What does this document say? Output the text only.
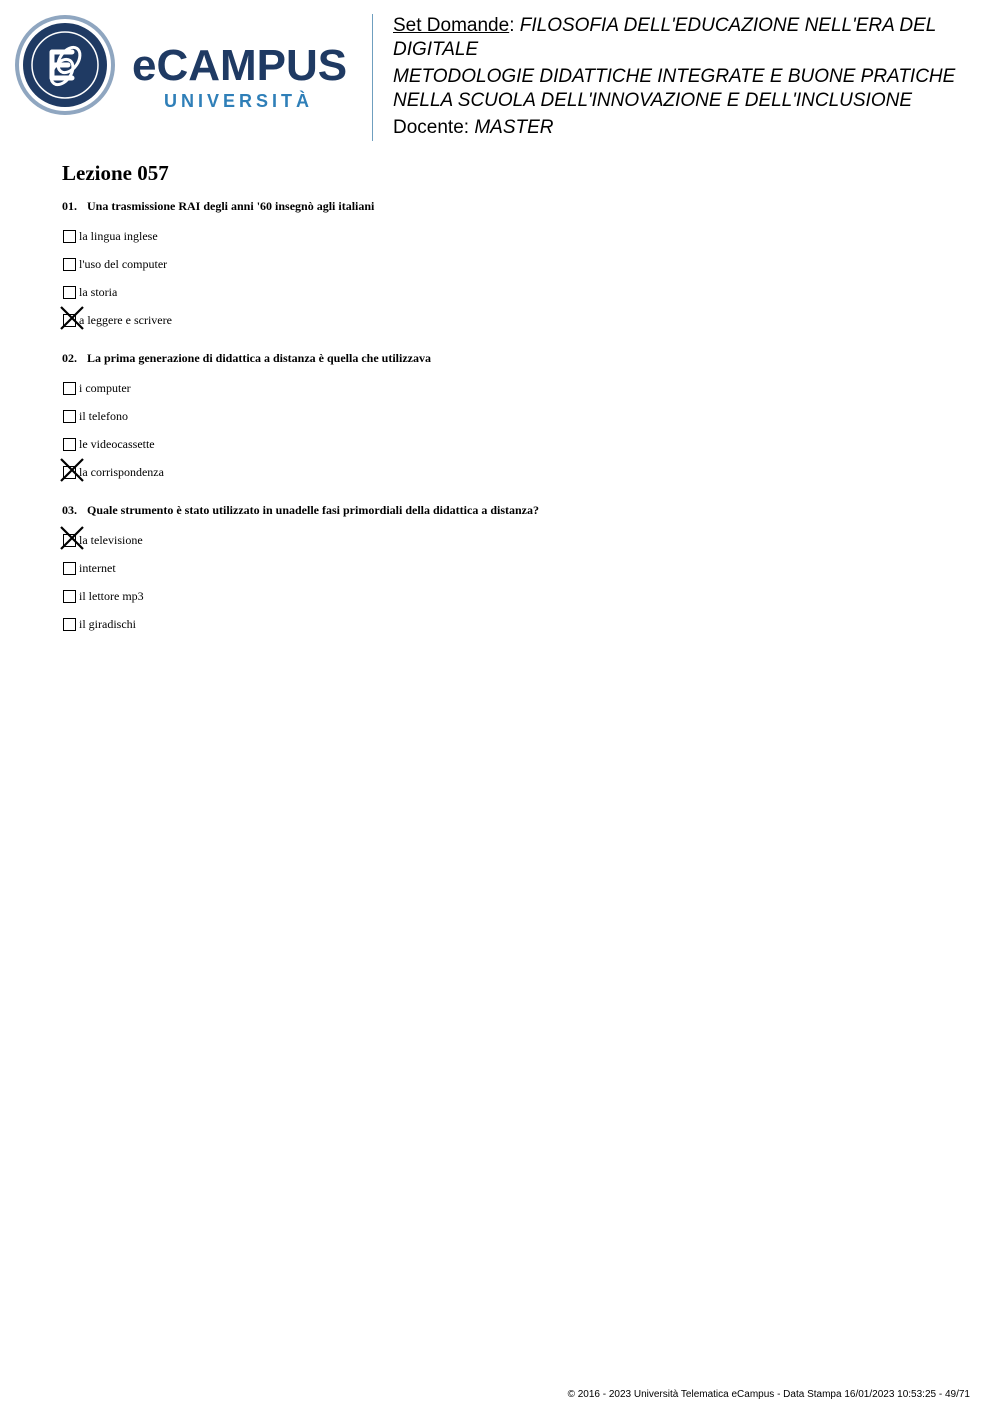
eCAMPUS
UNIVERSITÀ
Set Domande: FILOSOFIA DELL'EDUCAZIONE NELL'ERA DEL DIGITALE
METODOLOGIE DIDATTICHE INTEGRATE E BUONE PRATICHE NELLA SCUOLA DELL'INNOVAZIONE E DELL'INCLUSIONE
Docente: MASTER
Lezione 057
01. Una trasmissione RAI degli anni '60 insegnò agli italiani
la lingua inglese
l'uso del computer
la storia
a leggere e scrivere
02. La prima generazione di didattica a distanza è quella che utilizzava
i computer
il telefono
le videocassette
la corrispondenza
03. Quale strumento è stato utilizzato in unadelle fasi primordiali della didattica a distanza?
la televisione
internet
il lettore mp3
il giradischi
© 2016 - 2023 Università Telematica eCampus - Data Stampa 16/01/2023 10:53:25 - 49/71
